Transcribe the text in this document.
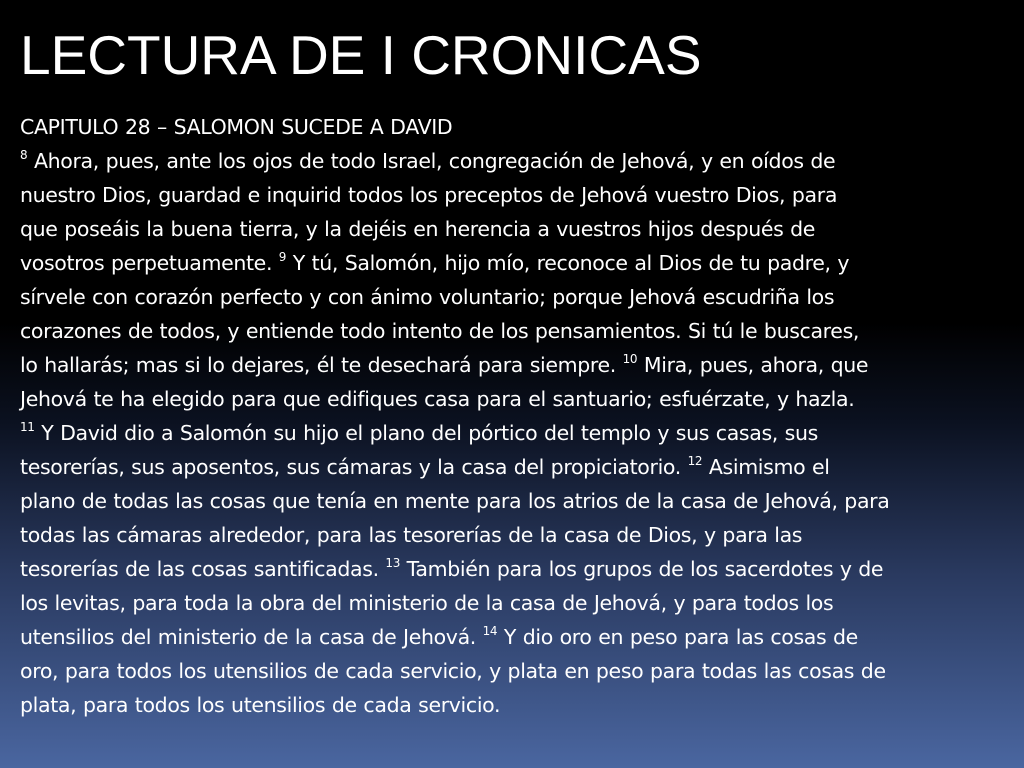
LECTURA DE I CRONICAS
CAPITULO 28 – SALOMON SUCEDE A DAVID
$^8$ Ahora, pues, ante los ojos de todo Israel, congregación de Jehová, y en oídos de
nuestro Dios, guardad e inquirid todos los preceptos de Jehová vuestro Dios, para
que poseáis la buena tierra, y la dejéis en herencia a vuestros hijos después de
vosotros perpetuamente. $^9$ Y tú, Salomón, hijo mío, reconoce al Dios de tu padre, y
sírvele con corazón perfecto y con ánimo voluntario; porque Jehová escudriña los
corazones de todos, y entiende todo intento de los pensamientos. Si tú le buscares,
lo hallarás; mas si lo dejares, él te desechará para siempre. $^{10}$ Mira, pues, ahora, que
Jehová te ha elegido para que edifiques casa para el santuario; esfuérzate, y hazla.
$^{11}$ Y David dio a Salomón su hijo el plano del pórtico del templo y sus casas, sus
tesorerías, sus aposentos, sus cámaras y la casa del propiciatorio. $^{12}$ Asimismo el
plano de todas las cosas que tenía en mente para los atrios de la casa de Jehová, para
todas las cámaras alrededor, para las tesorerías de la casa de Dios, y para las
tesorerías de las cosas santificadas. $^{13}$ También para los grupos de los sacerdotes y de
los levitas, para toda la obra del ministerio de la casa de Jehová, y para todos los
utensilios del ministerio de la casa de Jehová. $^{14}$ Y dio oro en peso para las cosas de
oro, para todos los utensilios de cada servicio, y plata en peso para todas las cosas de
plata, para todos los utensilios de cada servicio.
